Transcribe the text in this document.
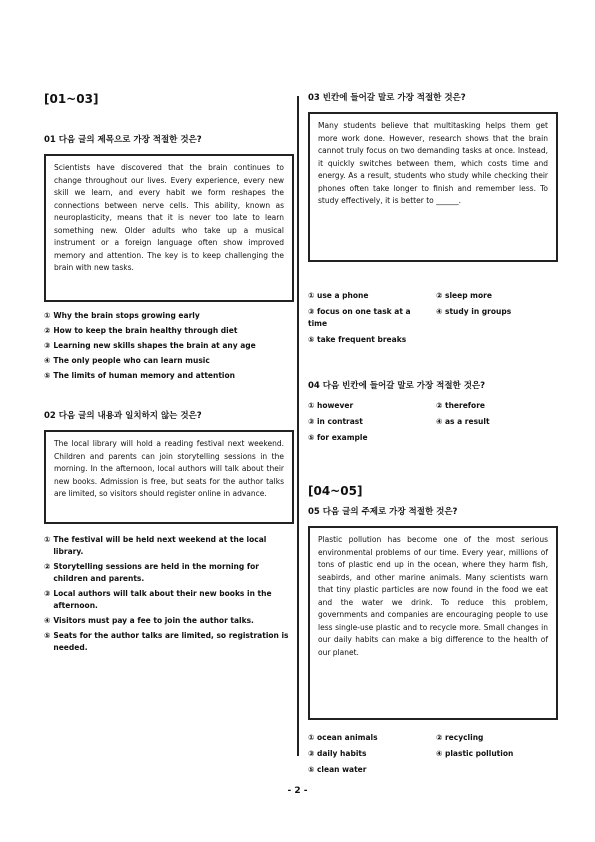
[01~03]

01 다음 글의 제목으로 가장 적절한 것은?

Scientists have discovered that the brain continues to change throughout our lives. Every experience, every new skill we learn, and every habit we form reshapes the connections between nerve cells. This ability, known as neuroplasticity, means that it is never too late to learn something new. Older adults who take up a musical instrument or a foreign language often show improved memory and attention. The key is to keep challenging the brain with new tasks.
① Why the brain stops growing early
② How to keep the brain healthy through diet
③ Learning new skills shapes the brain at any age
④ The only people who can learn music
⑤ The limits of human memory and attention

02 다음 글의 내용과 일치하지 않는 것은?

The local library will hold a reading festival next weekend. Children and parents can join storytelling sessions in the morning. In the afternoon, local authors will talk about their new books. Admission is free, but seats for the author talks are limited, so visitors should register online in advance.
① The festival will be held next weekend at the local library.
② Storytelling sessions are held in the morning for children and parents.
③ Local authors will talk about their new books in the afternoon.
④ Visitors must pay a fee to join the author talks.
⑤ Seats for the author talks are limited, so registration is needed.

03 빈칸에 들어갈 말로 가장 적절한 것은?

Many students believe that multitasking helps them get more work done. However, research shows that the brain cannot truly focus on two demanding tasks at once. Instead, it quickly switches between them, which costs time and energy. As a result, students who study while checking their phones often take longer to finish and remember less. To study effectively, it is better to ______.

① use a phone	② sleep more
③ focus on one task at a time
④ study in groups
⑤ take frequent breaks

04 다음 빈칸에 들어갈 말로 가장 적절한 것은?

① however	② therefore
③ in contrast	④ as a result
⑤ for example

[04~05]

05 다음 글의 주제로 가장 적절한 것은?

Plastic pollution has become one of the most serious environmental problems of our time. Every year, millions of tons of plastic end up in the ocean, where they harm fish, seabirds, and other marine animals. Many scientists warn that tiny plastic particles are now found in the food we eat and the water we drink. To reduce this problem, governments and companies are encouraging people to use less single-use plastic and to recycle more. Small changes in our daily habits can make a big difference to the health of our planet.
① ocean animals	② recycling
③ daily habits	④ plastic pollution
⑤ clean water
- 2 -
